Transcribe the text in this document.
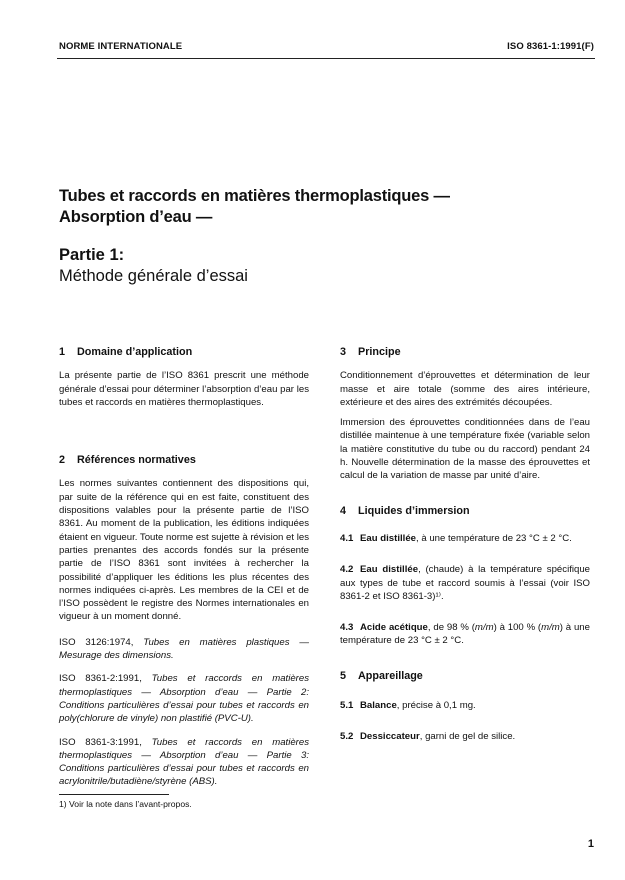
NORME INTERNATIONALE	ISO 8361-1:1991(F)
Tubes et raccords en matières thermoplastiques —
Absorption d’eau —
Partie 1:
Méthode générale d’essai
1 Domaine d’application

La présente partie de l’ISO 8361 prescrit une méthode générale d’essai pour déterminer l’absorption d’eau par les tubes et raccords en matières thermoplastiques.

2 Références normatives

Les normes suivantes contiennent des dispositions qui, par suite de la référence qui en est faite, constituent des dispositions valables pour la présente partie de l’ISO 8361. Au moment de la publication, les éditions indiquées étaient en vigueur. Toute norme est sujette à révision et les parties prenantes des accords fondés sur la présente partie de l’ISO 8361 sont invitées à rechercher la possibilité d’appliquer les éditions les plus récentes des normes indiquées ci-après. Les membres de la CEI et de l’ISO possèdent le registre des Normes internationales en vigueur à un moment donné.

ISO 3126:1974, Tubes en matières plastiques — Mesurage des dimensions.

ISO 8361-2:1991, Tubes et raccords en matières thermoplastiques — Absorption d’eau — Partie 2: Conditions particulières d’essai pour tubes et raccords en poly(chlorure de vinyle) non plastifié (PVC-U).

ISO 8361-3:1991, Tubes et raccords en matières thermoplastiques — Absorption d’eau — Partie 3: Conditions particulières d’essai pour tubes et raccords en acrylonitrile/butadiène/styrène (ABS).

3 Principe

Conditionnement d’éprouvettes et détermination de leur masse et aire totale (somme des aires intérieure, extérieure et des aires des extrémités découpées.

Immersion des éprouvettes conditionnées dans de l’eau distillée maintenue à une température fixée (variable selon la matière constitutive du tube ou du raccord) pendant 24 h. Nouvelle détermination de la masse des éprouvettes et calcul de la variation de masse par unité d’aire.

4 Liquides d’immersion

4.1 Eau distillée, à une température de 23 °C ± 2 °C.

4.2 Eau distillée, (chaude) à la température spécifique aux types de tube et raccord soumis à l’essai (voir ISO 8361-2 et ISO 8361-3)¹⁾.

4.3 Acide acétique, de 98 % (m/m) à 100 % (m/m) à une température de 23 °C ± 2 °C.

5 Appareillage

5.1 Balance, précise à 0,1 mg.

5.2 Dessiccateur, garni de gel de silice.

1) Voir la note dans l’avant-propos.
1
